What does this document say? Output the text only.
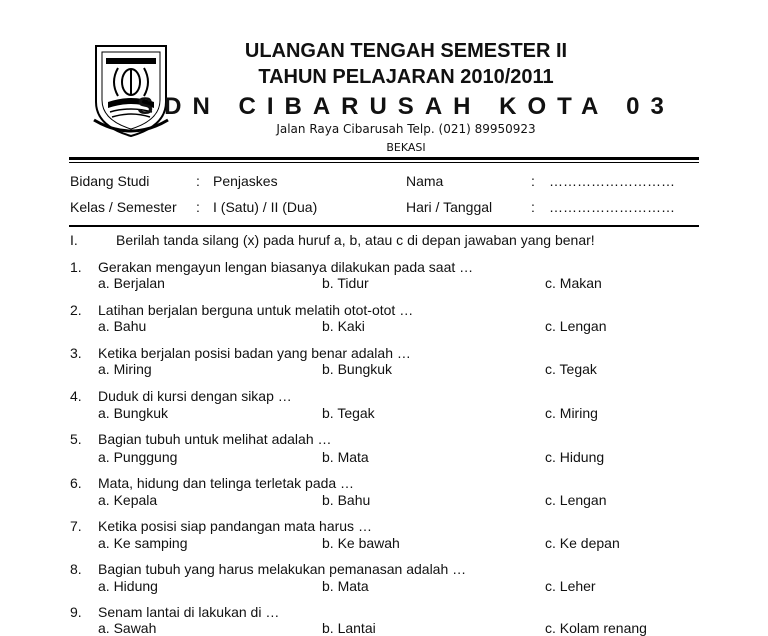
ULANGAN TENGAH SEMESTER II
TAHUN PELAJARAN 2010/2011
SDN CIBARUSAH KOTA 03
Jalan Raya Cibarusah Telp. (021) 89950923
BEKASI
Bidang Studi	: Penjaskes	Nama	: ………………………
Kelas / Semester : I (Satu) / II (Dua)	Hari / Tanggal	: ………………………
I.	Berilah tanda silang (x) pada huruf a, b, atau c di depan jawaban yang benar!
1. Gerakan mengayun lengan biasanya dilakukan pada saat …
a. Berjalan	b. Tidur	c. Makan
2. Latihan berjalan berguna untuk melatih otot-otot …
a. Bahu	b. Kaki	c. Lengan
3. Ketika berjalan posisi badan yang benar adalah …
a. Miring	b. Bungkuk	c. Tegak
4. Duduk di kursi dengan sikap …
a. Bungkuk	b. Tegak	c. Miring
5. Bagian tubuh untuk melihat adalah …
a. Punggung	b. Mata	c. Hidung
6. Mata, hidung dan telinga terletak pada …
a. Kepala	b. Bahu	c. Lengan
7. Ketika posisi siap pandangan mata harus …
a. Ke samping	b. Ke bawah	c. Ke depan
8. Bagian tubuh yang harus melakukan pemanasan adalah …
a. Hidung	b. Mata	c. Leher
9. Senam lantai di lakukan di …
a. Sawah	b. Lantai	c. Kolam renang
